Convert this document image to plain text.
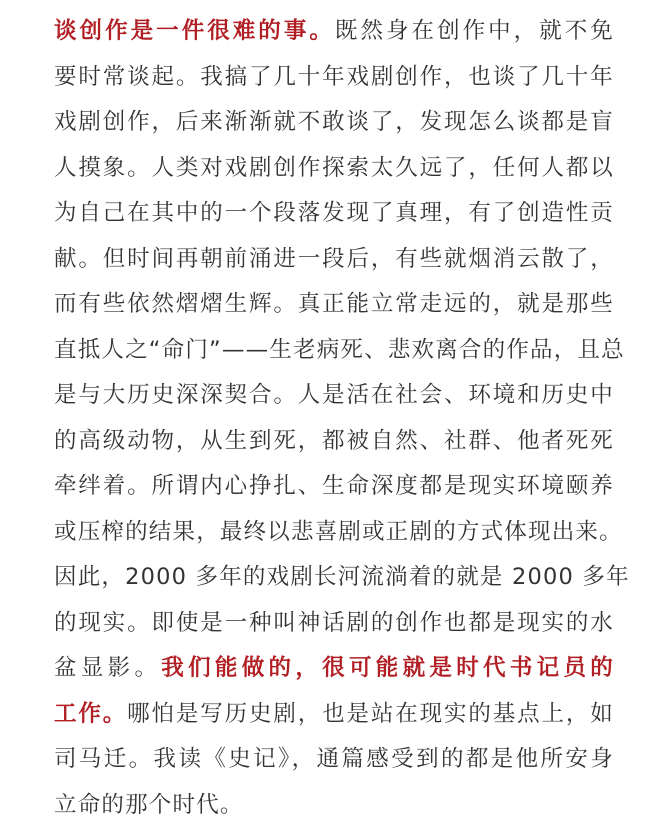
谈创作是一件很难的事。既然身在创作中，就不免
要时常谈起。我搞了几十年戏剧创作，也谈了几十年
戏剧创作，后来渐渐就不敢谈了，发现怎么谈都是盲
人摸象。人类对戏剧创作探索太久远了，任何人都以
为自己在其中的一个段落发现了真理，有了创造性贡
献。但时间再朝前涌进一段后，有些就烟消云散了，
而有些依然熠熠生辉。真正能立常走远的，就是那些
直抵人之“命门”——生老病死、悲欢离合的作品，且总
是与大历史深深契合。人是活在社会、环境和历史中
的高级动物，从生到死，都被自然、社群、他者死死
牵绊着。所谓内心挣扎、生命深度都是现实环境颐养
或压榨的结果，最终以悲喜剧或正剧的方式体现出来。
因此，2000 多年的戏剧长河流淌着的就是 2000 多年
的现实。即使是一种叫神话剧的创作也都是现实的水
盆显影。我们能做的，很可能就是时代书记员的
工作。哪怕是写历史剧，也是站在现实的基点上，如
司马迁。我读《史记》，通篇感受到的都是他所安身
立命的那个时代。
